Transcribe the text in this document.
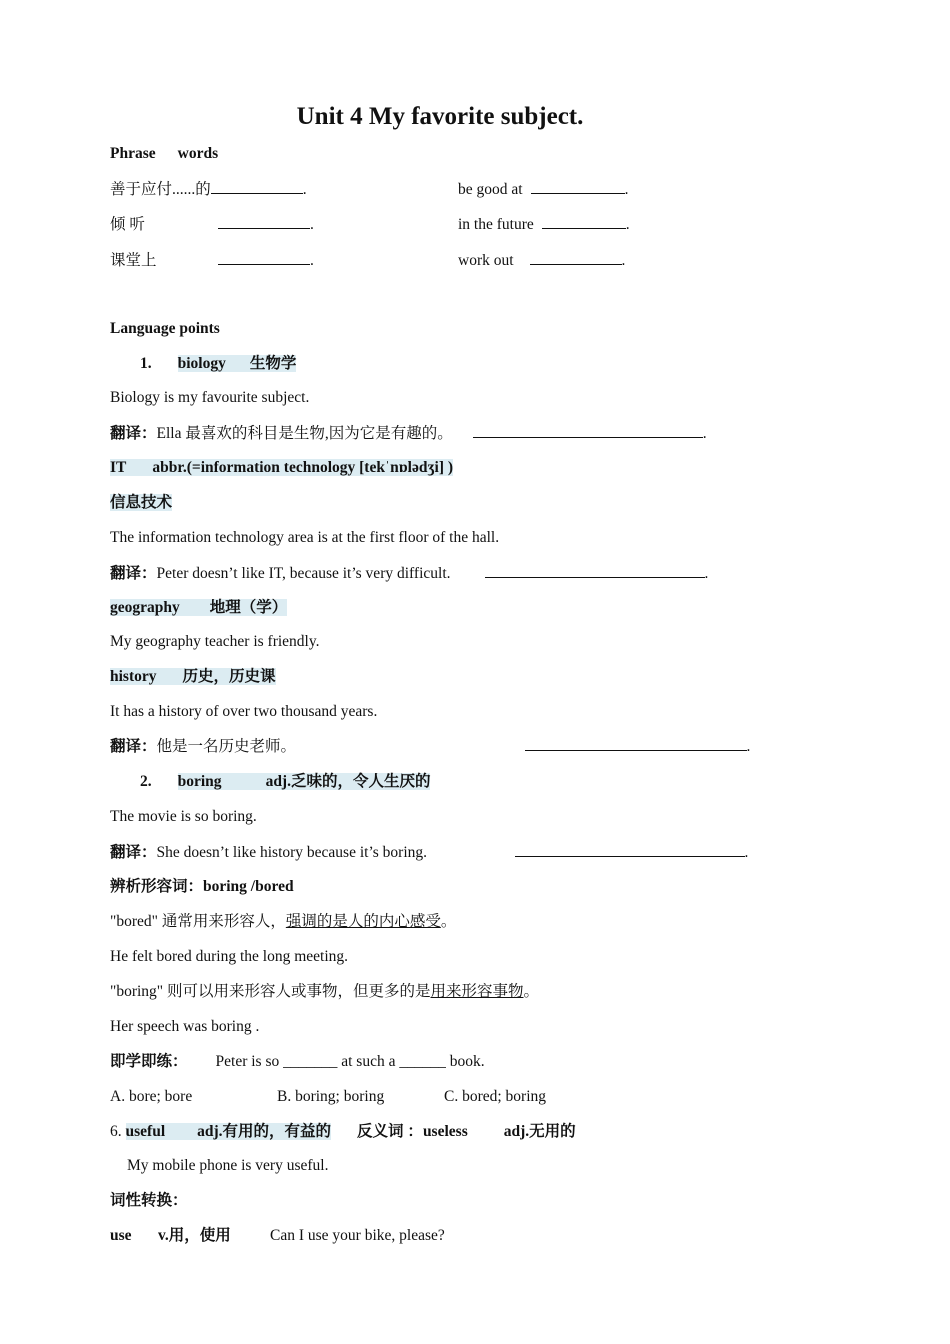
Unit 4 My favorite subject.
Phrase words
善于应付......的	.	be good at	.
倾 听	.	in the future	.
课堂上	.	work out	.
Language points
1. biology 生物学
Biology is my favourite subject.
翻译：Ella 最喜欢的科目是生物,因为它是有趣的。	.
IT abbr.(=information technology [tekˈnɒlədʒi] )
信息技术
The information technology area is at the first floor of the hall.
翻译：Peter doesn’t like IT, because it’s very difficult.	.
geography 地理（学）
My geography teacher is friendly.
history 历史，历史课
It has a history of over two thousand years.
翻译：他是一名历史老师。	.
2. boring	adj.乏味的，令人生厌的
The movie is so boring.
翻译：She doesn’t like history because it’s boring.	.
辨析形容词：boring /bored
"bored" 通常用来形容人，强调的是人的内心感受。
He felt bored during the long meeting.
"boring" 则可以用来形容人或事物，但更多的是用来形容事物。
Her speech was boring .
即学即练： Peter is so _______ at such a ______ book.
A. bore; bore	B. boring; boring	C. bored; boring
6. useful adj.有用的，有益的 反义词 ：useless adj.无用的
My mobile phone is very useful.
词性转换：
use v.用，使用	Can I use your bike, please?
